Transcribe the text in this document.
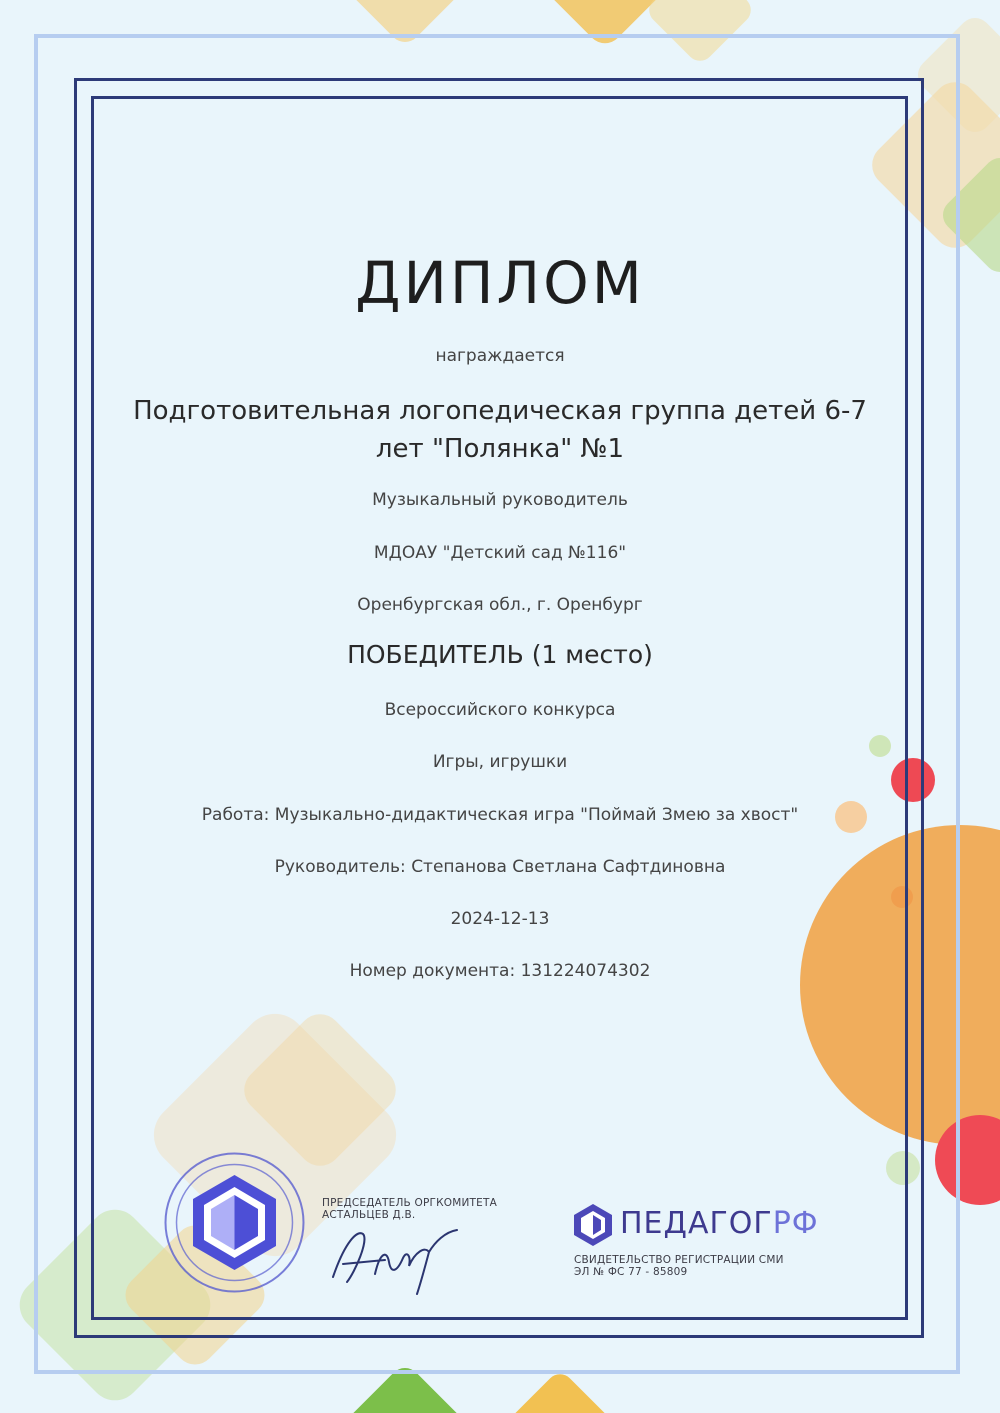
ДИПЛОМ
награждается
Подготовительная логопедическая группа детей 6-7 лет "Полянка" №1
Музыкальный руководитель
МДОАУ "Детский сад №116"
Оренбургская обл., г. Оренбург
ПОБЕДИТЕЛЬ (1 место)
Всероссийского конкурса
Игры, игрушки
Работа: Музыкально-дидактическая игра "Поймай Змею за хвост"
Руководитель: Степанова Светлана Сафтдиновна
2024-12-13
Номер документа: 131224074302
ПРЕДСЕДАТЕЛЬ ОРГКОМИТЕТА
АСТАЛЬЦЕВ Д.В.	ПЕДАГОГРФ
СВИДЕТЕЛЬСТВО РЕГИСТРАЦИИ СМИ
ЭЛ № ФС 77 - 85809
